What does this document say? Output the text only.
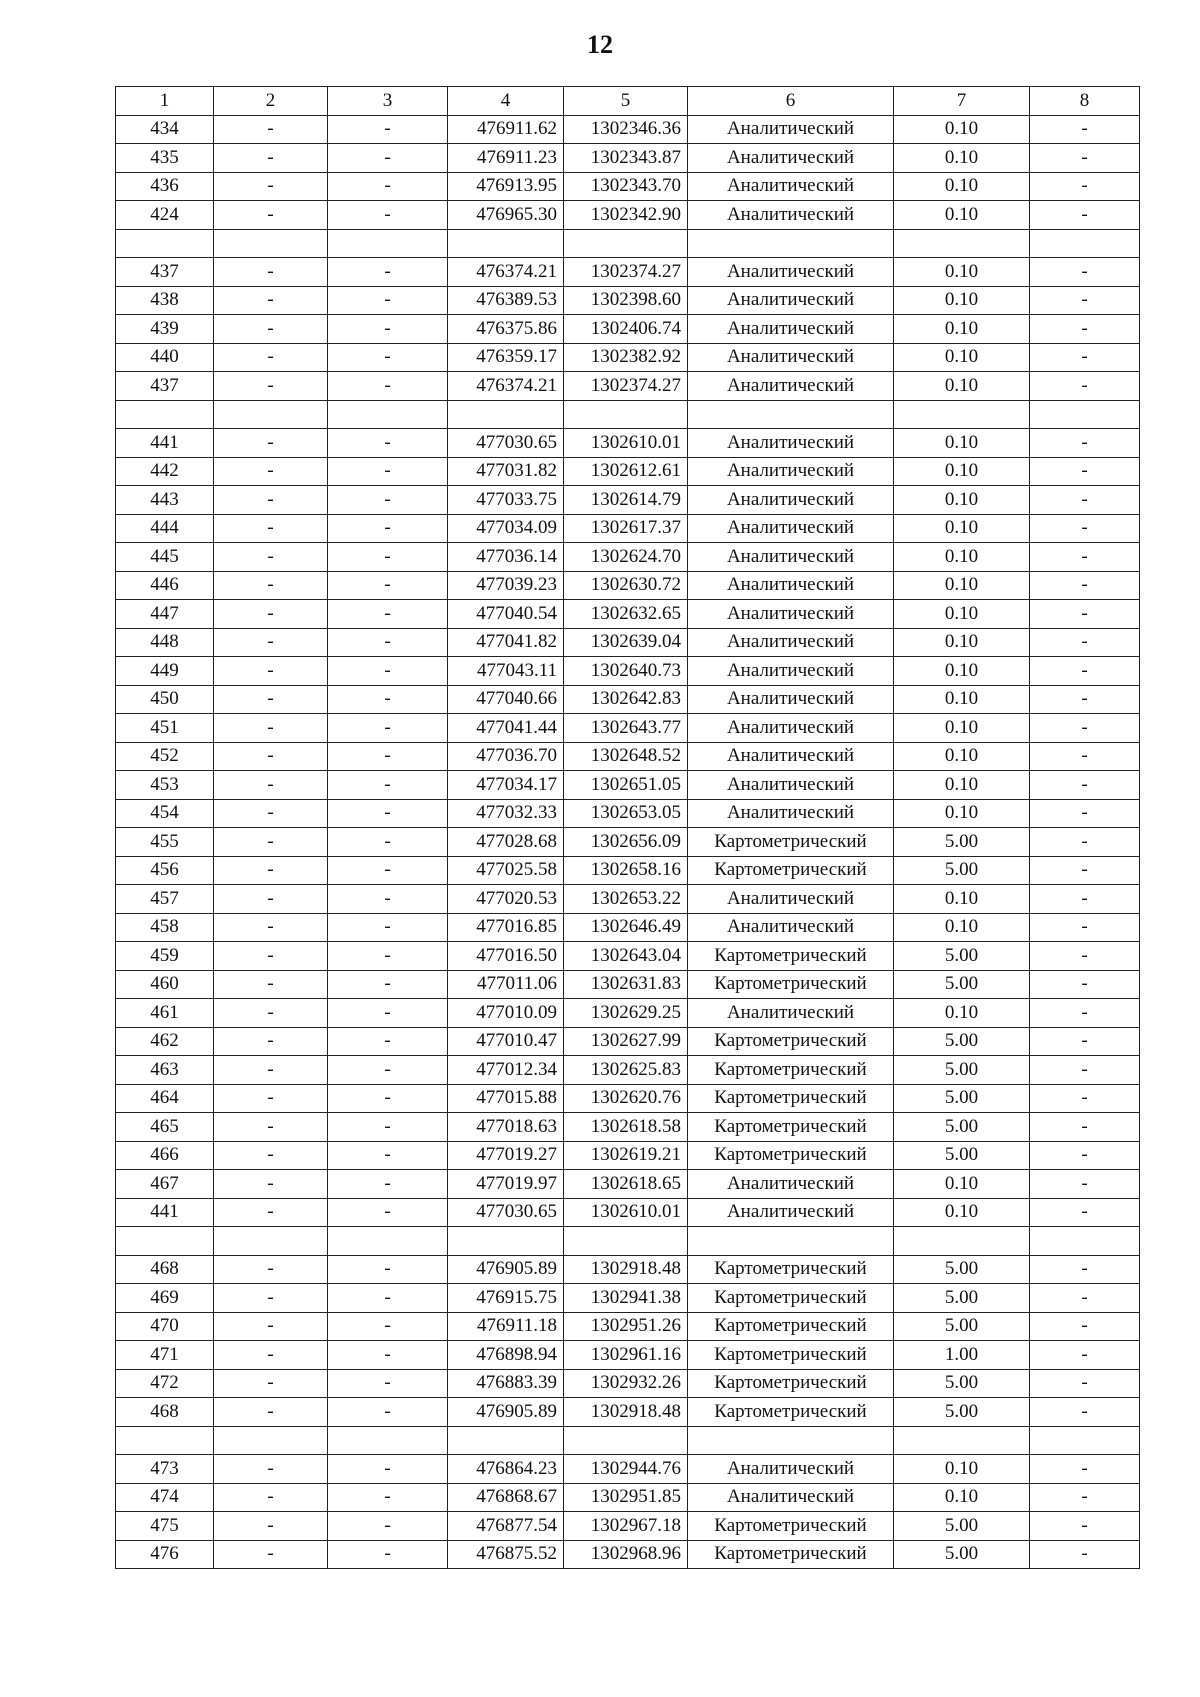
12
1	2	3	4	5	6	7	8
434	-	-	476911.62	1302346.36	Аналитический	0.10	-
435	-	-	476911.23	1302343.87	Аналитический	0.10	-
436	-	-	476913.95	1302343.70	Аналитический	0.10	-
424	-	-	476965.30	1302342.90	Аналитический	0.10	-

437	-	-	476374.21	1302374.27	Аналитический	0.10	-
438	-	-	476389.53	1302398.60	Аналитический	0.10	-
439	-	-	476375.86	1302406.74	Аналитический	0.10	-
440	-	-	476359.17	1302382.92	Аналитический	0.10	-
437	-	-	476374.21	1302374.27	Аналитический	0.10	-

441	-	-	477030.65	1302610.01	Аналитический	0.10	-
442	-	-	477031.82	1302612.61	Аналитический	0.10	-
443	-	-	477033.75	1302614.79	Аналитический	0.10	-
444	-	-	477034.09	1302617.37	Аналитический	0.10	-
445	-	-	477036.14	1302624.70	Аналитический	0.10	-
446	-	-	477039.23	1302630.72	Аналитический	0.10	-
447	-	-	477040.54	1302632.65	Аналитический	0.10	-
448	-	-	477041.82	1302639.04	Аналитический	0.10	-
449	-	-	477043.11	1302640.73	Аналитический	0.10	-
450	-	-	477040.66	1302642.83	Аналитический	0.10	-
451	-	-	477041.44	1302643.77	Аналитический	0.10	-
452	-	-	477036.70	1302648.52	Аналитический	0.10	-
453	-	-	477034.17	1302651.05	Аналитический	0.10	-
454	-	-	477032.33	1302653.05	Аналитический	0.10	-
455	-	-	477028.68	1302656.09	Картометрический	5.00	-
456	-	-	477025.58	1302658.16	Картометрический	5.00	-
457	-	-	477020.53	1302653.22	Аналитический	0.10	-
458	-	-	477016.85	1302646.49	Аналитический	0.10	-
459	-	-	477016.50	1302643.04	Картометрический	5.00	-
460	-	-	477011.06	1302631.83	Картометрический	5.00	-
461	-	-	477010.09	1302629.25	Аналитический	0.10	-
462	-	-	477010.47	1302627.99	Картометрический	5.00	-
463	-	-	477012.34	1302625.83	Картометрический	5.00	-
464	-	-	477015.88	1302620.76	Картометрический	5.00	-
465	-	-	477018.63	1302618.58	Картометрический	5.00	-
466	-	-	477019.27	1302619.21	Картометрический	5.00	-
467	-	-	477019.97	1302618.65	Аналитический	0.10	-
441	-	-	477030.65	1302610.01	Аналитический	0.10	-

468	-	-	476905.89	1302918.48	Картометрический	5.00	-
469	-	-	476915.75	1302941.38	Картометрический	5.00	-
470	-	-	476911.18	1302951.26	Картометрический	5.00	-
471	-	-	476898.94	1302961.16	Картометрический	1.00	-
472	-	-	476883.39	1302932.26	Картометрический	5.00	-
468	-	-	476905.89	1302918.48	Картометрический	5.00	-

473	-	-	476864.23	1302944.76	Аналитический	0.10	-
474	-	-	476868.67	1302951.85	Аналитический	0.10	-
475	-	-	476877.54	1302967.18	Картометрический	5.00	-
476	-	-	476875.52	1302968.96	Картометрический	5.00	-
